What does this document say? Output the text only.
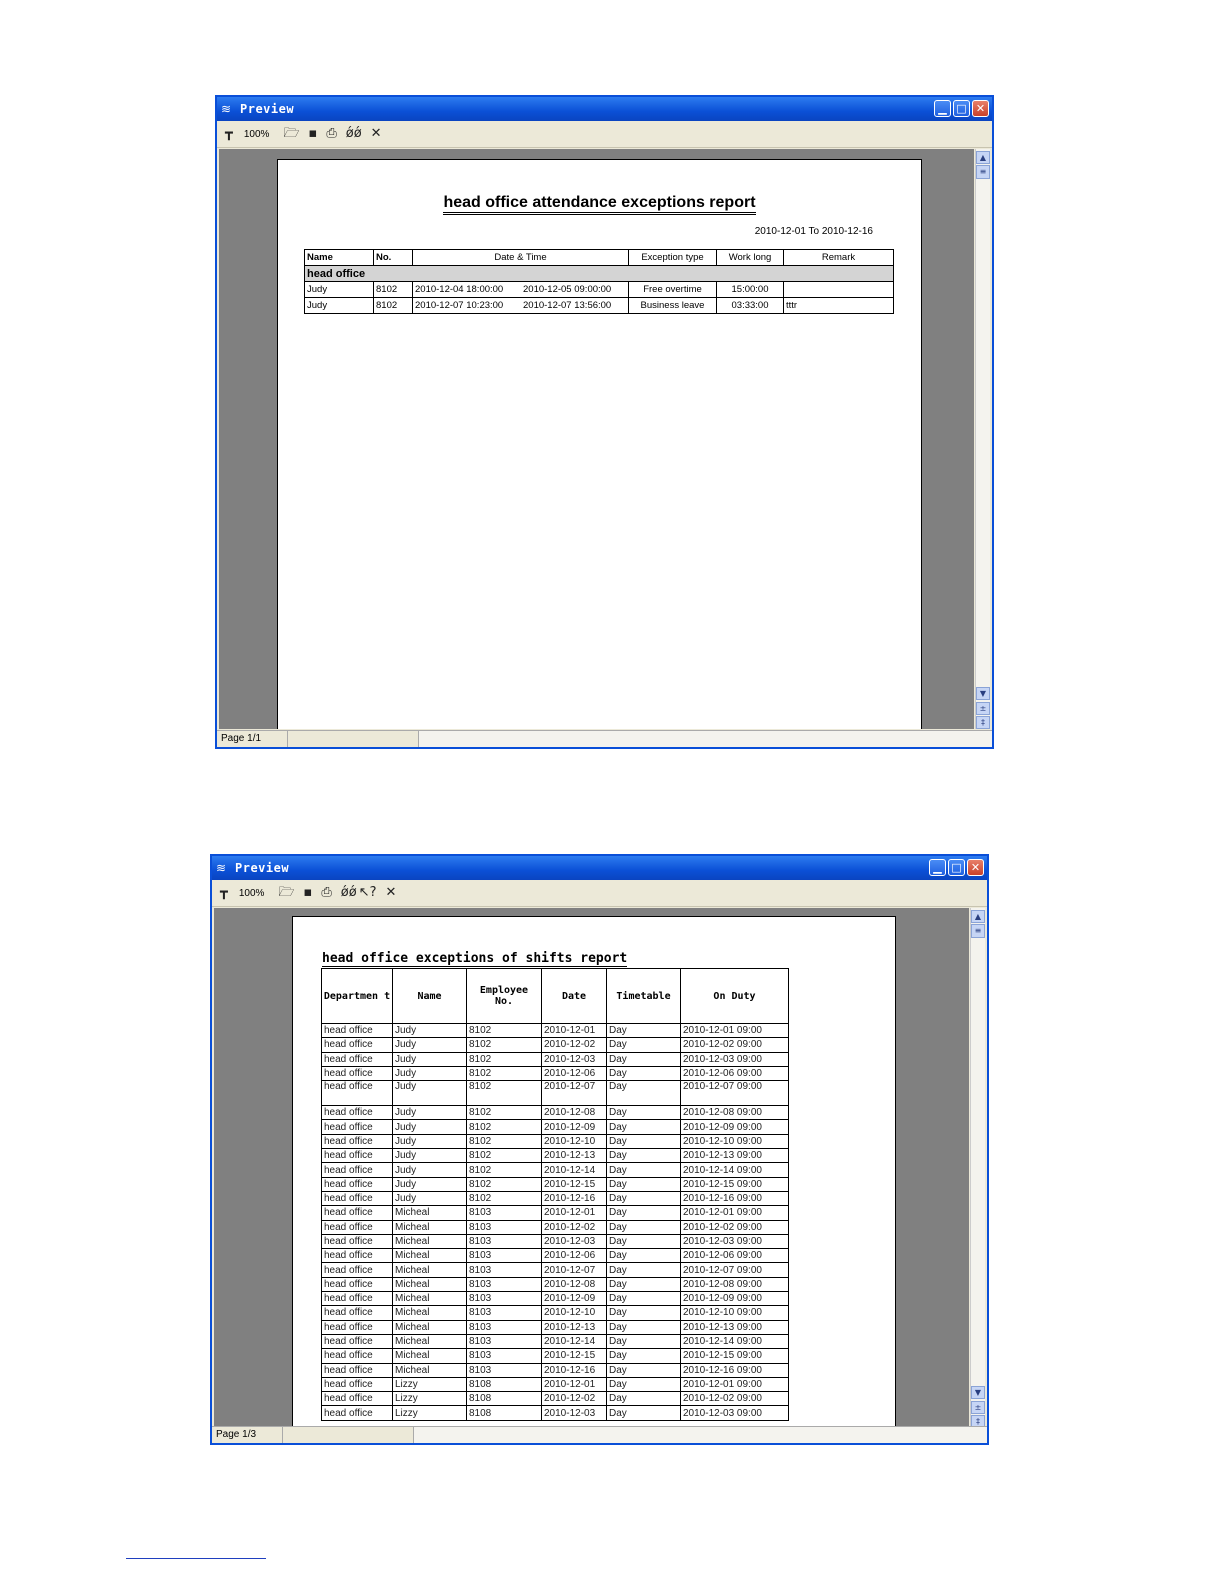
≋ Preview	▁ □ ✕
┳ 100% 🗁 ▪ ⎙ ǿǿ ✕
head office attendance exceptions report
2010-12-01 To 2010-12-16
Name	No.	Date & Time	Exception type	Work long	Remark
head office					
Judy	8102	2010-12-04 18:00:00 2010-12-05 09:00:00	Free overtime	15:00:00	
Judy	8102	2010-12-07 10:23:00 2010-12-07 13:56:00	Business leave	03:33:00	tttr
▲
≡
▼
±
‡
Page 1/1
≋ Preview	▁ □ ✕
┳ 100% 🗁 ▪ ⎙ ǿǿ ↖? ✕
head office exceptions of shifts report
Departmen t	Name	Employee No.	Date	Timetable	On Duty
head office	Judy	8102	2010-12-01	Day	2010-12-01 09:00
head office	Judy	8102	2010-12-02	Day	2010-12-02 09:00
head office	Judy	8102	2010-12-03	Day	2010-12-03 09:00
head office	Judy	8102	2010-12-06	Day	2010-12-06 09:00
head office	Judy	8102	2010-12-07	Day	2010-12-07 09:00
head office	Judy	8102	2010-12-08	Day	2010-12-08 09:00
head office	Judy	8102	2010-12-09	Day	2010-12-09 09:00
head office	Judy	8102	2010-12-10	Day	2010-12-10 09:00
head office	Judy	8102	2010-12-13	Day	2010-12-13 09:00
head office	Judy	8102	2010-12-14	Day	2010-12-14 09:00
head office	Judy	8102	2010-12-15	Day	2010-12-15 09:00
head office	Judy	8102	2010-12-16	Day	2010-12-16 09:00
head office	Micheal	8103	2010-12-01	Day	2010-12-01 09:00
head office	Micheal	8103	2010-12-02	Day	2010-12-02 09:00
head office	Micheal	8103	2010-12-03	Day	2010-12-03 09:00
head office	Micheal	8103	2010-12-06	Day	2010-12-06 09:00
head office	Micheal	8103	2010-12-07	Day	2010-12-07 09:00
head office	Micheal	8103	2010-12-08	Day	2010-12-08 09:00
head office	Micheal	8103	2010-12-09	Day	2010-12-09 09:00
head office	Micheal	8103	2010-12-10	Day	2010-12-10 09:00
head office	Micheal	8103	2010-12-13	Day	2010-12-13 09:00
head office	Micheal	8103	2010-12-14	Day	2010-12-14 09:00
head office	Micheal	8103	2010-12-15	Day	2010-12-15 09:00
head office	Micheal	8103	2010-12-16	Day	2010-12-16 09:00
head office	Lizzy	8108	2010-12-01	Day	2010-12-01 09:00
head office	Lizzy	8108	2010-12-02	Day	2010-12-02 09:00
head office	Lizzy	8108	2010-12-03	Day	2010-12-03 09:00
▲
≡
▼
±
‡
Page 1/3
